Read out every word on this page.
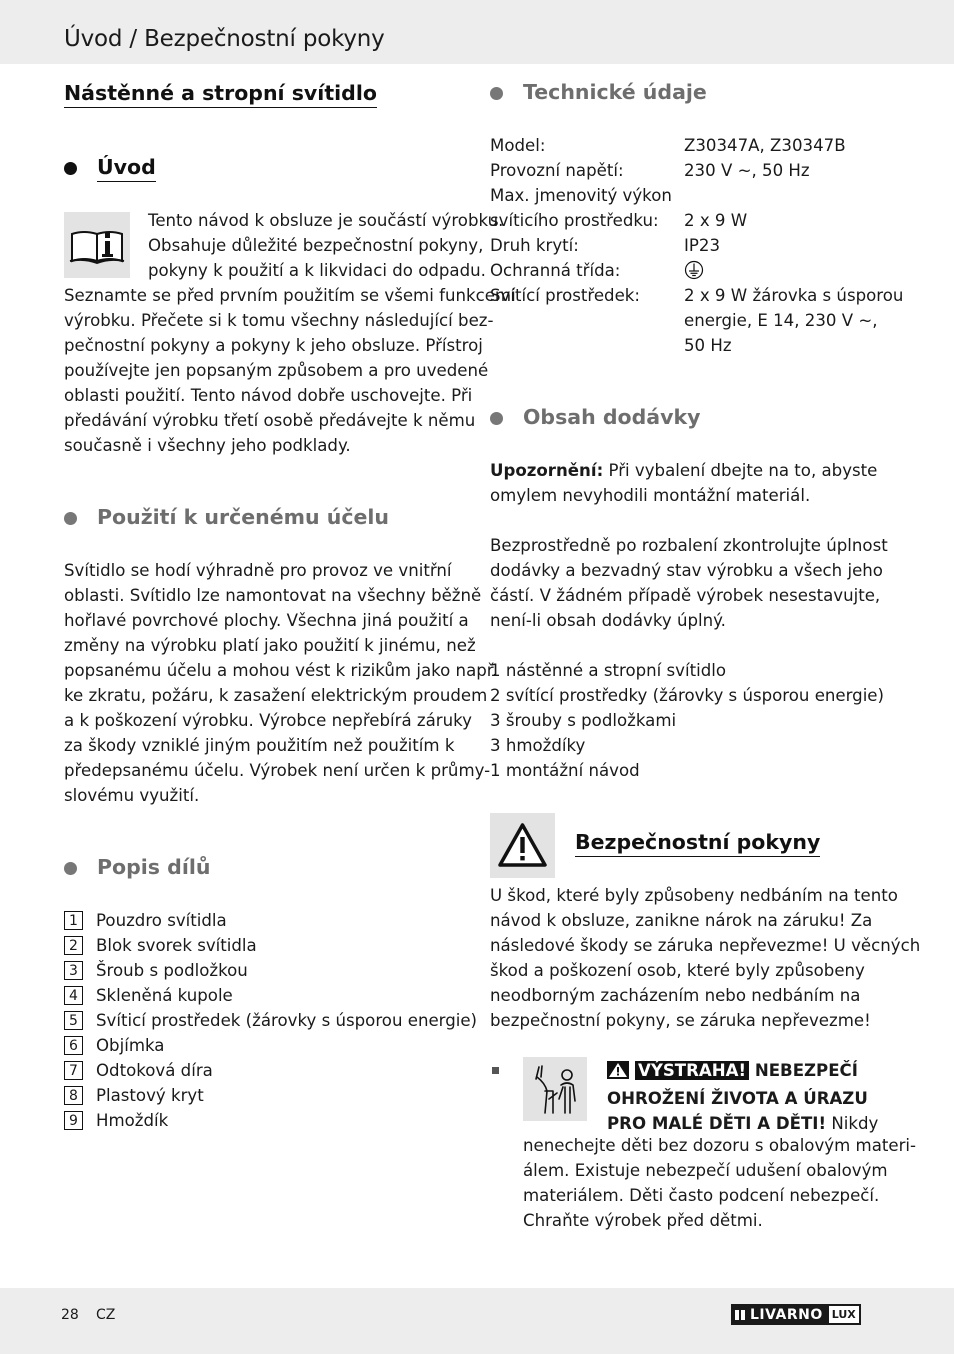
Úvod / Bezpečnostní pokyny
Nástěnné a stropní svítidlo
Úvod

Tento návod k obsluze je součástí výrobku.

Obsahuje důležité bezpečnostní pokyny,

pokyny k použití a k likvidaci do odpadu.

Seznamte se před prvním použitím se všemi funkcemi

výrobku. Přečete si k tomu všechny následující bez-

pečnostní pokyny a pokyny k jeho obsluze. Přístroj

používejte jen popsaným způsobem a pro uvedené

oblasti použití. Tento návod dobře uschovejte. Při

předávání výrobku třetí osobě předávejte k němu

současně i všechny jeho podklady.

Použití k určenému účelu

Svítidlo se hodí výhradně pro provoz ve vnitřní

oblasti. Svítidlo lze namontovat na všechny běžně

hořlavé povrchové plochy. Všechna jiná použití a

změny na výrobku platí jako použití k jinému, než

popsanému účelu a mohou vést k rizikům jako např.

ke zkratu, požáru, k zasažení elektrickým proudem

a k poškození výrobku. Výrobce nepřebírá záruky

za škody vzniklé jiným použitím než použitím k

předepsanému účelu. Výrobek není určen k průmy-

slovému využití.

Popis dílů
1	Pouzdro svítidla
2	Blok svorek svítidla
3	Šroub s podložkou
4	Skleněná kupole
5	Svíticí prostředek (žárovky s úsporou energie)
6	Objímka
7	Odtoková díra
8	Plastový kryt
9	Hmoždík
Technické údaje
Model:	Z30347A, Z30347B
Provozní napětí:	230 V ~, 50 Hz
Max. jmenovitý výkon
svíticího prostředku:	2 x 9 W
Druh krytí:	IP23
Ochranná třída:
Svítící prostředek:	2 x 9 W žárovka s úsporou
energie, E 14, 230 V ~,
50 Hz
Obsah dodávky

Upozornění: Při vybalení dbejte na to, abyste

omylem nevyhodili montážní materiál.

Bezprostředně po rozbalení zkontrolujte úplnost

dodávky a bezvadný stav výrobku a všech jeho

částí. V žádném případě výrobek nesestavujte,

není-li obsah dodávky úplný.

1 nástěnné a stropní svítidlo

2 svítící prostředky (žárovky s úsporou energie)

3 šrouby s podložkami

3 hmoždíky

1 montážní návod

Bezpečnostní pokyny

U škod, které byly způsobeny nedbáním na tento

návod k obsluze, zanikne nárok na záruku! Za

následové škody se záruka nepřevezme! U věcných

škod a poškození osob, které byly způsobeny

neodborným zacházením nebo nedbáním na

bezpečnostní pokyny, se záruka nepřevezme!

VÝSTRAHA! NEBEZPEČÍ

OHROŽENÍ ŽIVOTA A ÚRAZU

PRO MALÉ DĚTI A DĚTI! Nikdy

nenechejte děti bez dozoru s obalovým materi-

álem. Existuje nebezpečí udušení obalovým

materiálem. Děti často podcení nebezpečí.

Chraňte výrobek před dětmi.

28 CZ	LIVARNO LUX
